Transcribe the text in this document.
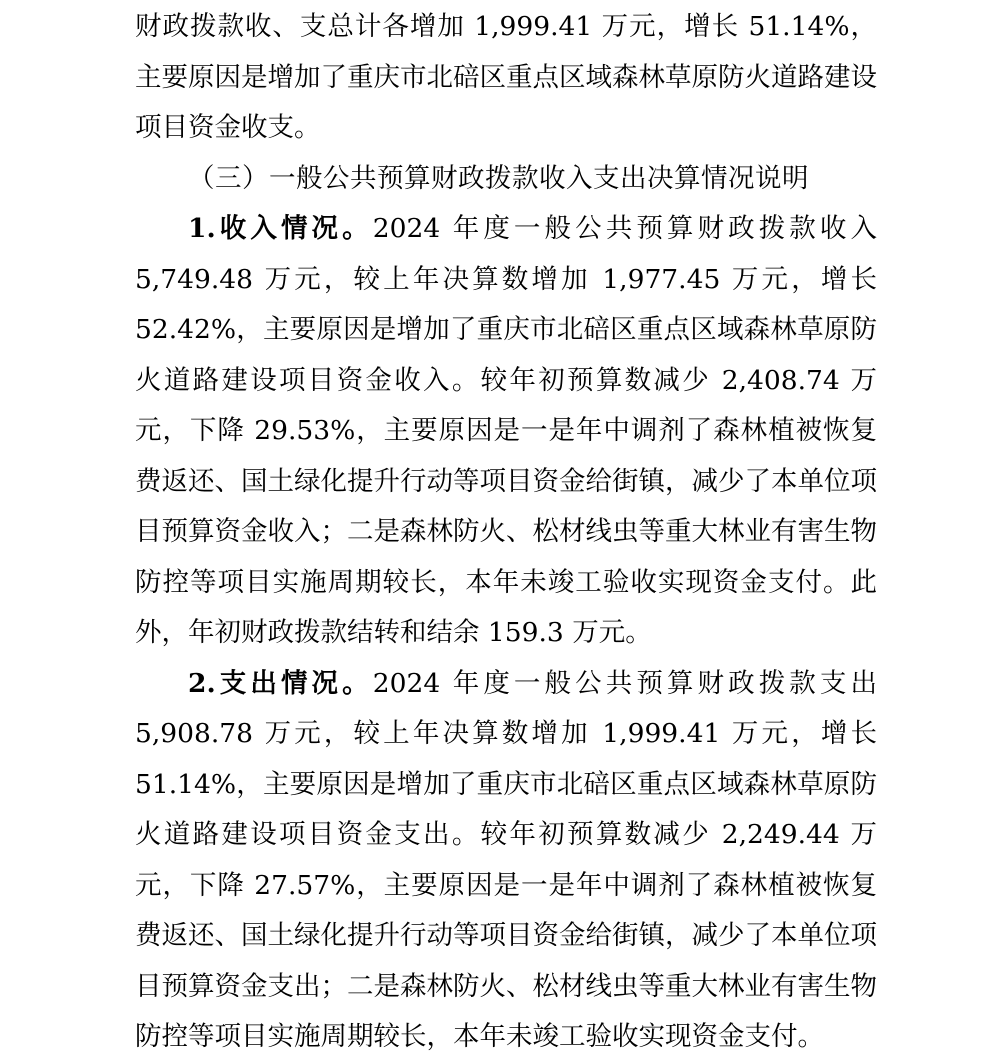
财政拨款收、支总计各增加 1,999.41 万元，增长 51.14%，主要原因是增加了重庆市北碚区重点区域森林草原防火道路建设项目资金收支。

（三）一般公共预算财政拨款收入支出决算情况说明

1.收入情况。2024 年度一般公共预算财政拨款收入 5,749.48 万元，较上年决算数增加 1,977.45 万元，增长 52.42%，主要原因是增加了重庆市北碚区重点区域森林草原防火道路建设项目资金收入。较年初预算数减少 2,408.74 万元，下降 29.53%，主要原因是一是年中调剂了森林植被恢复费返还、国土绿化提升行动等项目资金给街镇，减少了本单位项目预算资金收入；二是森林防火、松材线虫等重大林业有害生物防控等项目实施周期较长，本年未竣工验收实现资金支付。此外，年初财政拨款结转和结余 159.3 万元。

2.支出情况。2024 年度一般公共预算财政拨款支出 5,908.78 万元，较上年决算数增加 1,999.41 万元，增长 51.14%，主要原因是增加了重庆市北碚区重点区域森林草原防火道路建设项目资金支出。较年初预算数减少 2,249.44 万元，下降 27.57%，主要原因是一是年中调剂了森林植被恢复费返还、国土绿化提升行动等项目资金给街镇，减少了本单位项目预算资金支出；二是森林防火、松材线虫等重大林业有害生物防控等项目实施周期较长，本年未竣工验收实现资金支付。
